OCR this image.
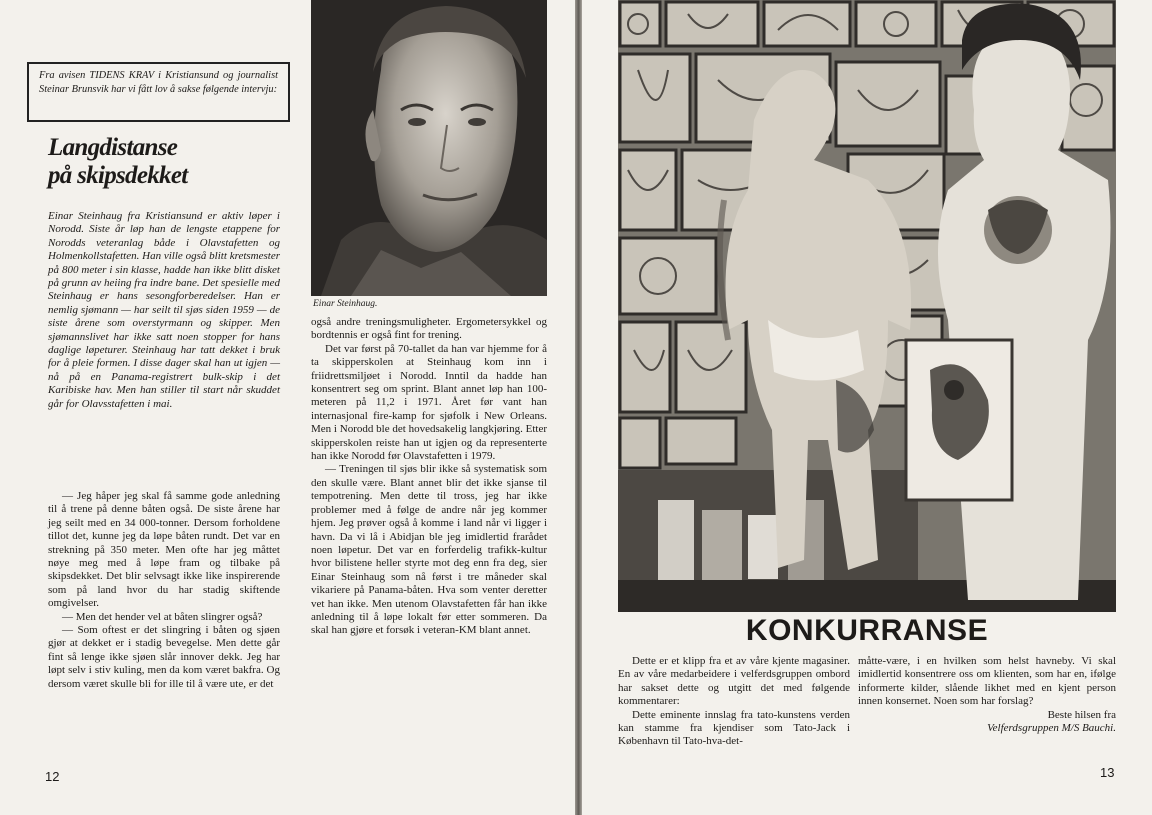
Fra avisen TIDENS KRAV i Kristiansund og journalist Steinar Brunsvik har vi fått lov å sakse følgende intervju:
Langdistanse
på skipsdekket

Einar Steinhaug fra Kristiansund er aktiv løper i Norodd. Siste år løp han de lengste etappene for Norodds veteranlag både i Olavstafetten og Holmenkollstafetten. Han ville også blitt kretsmester på 800 meter i sin klasse, hadde han ikke blitt disket på grunn av heiing fra indre bane. Det spesielle med Steinhaug er hans sesongforberedelser. Han er nemlig sjømann — har seilt til sjøs siden 1959 — de siste årene som overstyrmann og skipper. Men sjømannslivet har ikke satt noen stopper for hans daglige løpeturer. Steinhaug har tatt dekket i bruk for å pleie formen. I disse dager skal han ut igjen — nå på en Panama-registrert bulk-skip i det Karibiske hav. Men han stiller til start når skuddet går for Olavsstafetten i mai.

— Jeg håper jeg skal få samme gode anledning til å trene på denne båten også. De siste årene har jeg seilt med en 34 000-tonner. Dersom forholdene tillot det, kunne jeg da løpe båten rundt. Det var en strekning på 350 meter. Men ofte har jeg måttet nøye meg med å løpe fram og tilbake på skipsdekket. Det blir selvsagt ikke like inspirerende som på land hvor du har stadig skiftende omgivelser.

— Men det hender vel at båten slingrer også?

— Som oftest er det slingring i båten og sjøen gjør at dekket er i stadig bevegelse. Men dette går fint så lenge ikke sjøen slår innover dekk. Jeg har løpt selv i stiv kuling, men da kom været bakfra. Og dersom været skulle bli for ille til å være ute, er det

Einar Steinhaug.

også andre treningsmuligheter. Ergometersykkel og bordtennis er også fint for trening.

Det var først på 70-tallet da han var hjemme for å ta skipperskolen at Steinhaug kom inn i friidrettsmiljøet i Norodd. Inntil da hadde han konsentrert seg om sprint. Blant annet løp han 100-meteren på 11,2 i 1971. Året før vant han internasjonal fire-kamp for sjøfolk i New Orleans. Men i Norodd ble det hovedsakelig langkjøring. Etter skipperskolen reiste han ut igjen og da representerte han ikke Norodd før Olavstafetten i 1979.

— Treningen til sjøs blir ikke så systematisk som den skulle være. Blant annet blir det ikke sjanse til tempotrening. Men dette til tross, jeg har ikke problemer med å følge de andre når jeg kommer hjem. Jeg prøver også å komme i land når vi ligger i havn. Da vi lå i Abidjan ble jeg imidlertid frarådet noen løpetur. Det var en forferdelig trafikk-kultur hvor bilistene heller styrte mot deg enn fra deg, sier Einar Steinhaug som nå først i tre måneder skal vikariere på Panama-båten. Hva som venter deretter vet han ikke. Men utenom Olavstafetten får han ikke anledning til å løpe lokalt før etter sommeren. Da skal han gjøre et forsøk i veteran-KM blant annet.

12
KONKURRANSE

Dette er et klipp fra et av våre kjente magasiner. En av våre medarbeidere i velferdsgruppen ombord har sakset dette og utgitt det med følgende kommentarer:

Dette eminente innslag fra tato-kunstens verden kan stamme fra kjendiser som Tato-Jack i København til Tato-hva-det-

måtte-være, i en hvilken som helst havneby. Vi skal imidlertid konsentrere oss om klienten, som har en, ifølge informerte kilder, slående likhet med en kjent person innen konsernet. Noen som har forslag?

Beste hilsen fra

Velferdsgruppen M/S Bauchi.

13
